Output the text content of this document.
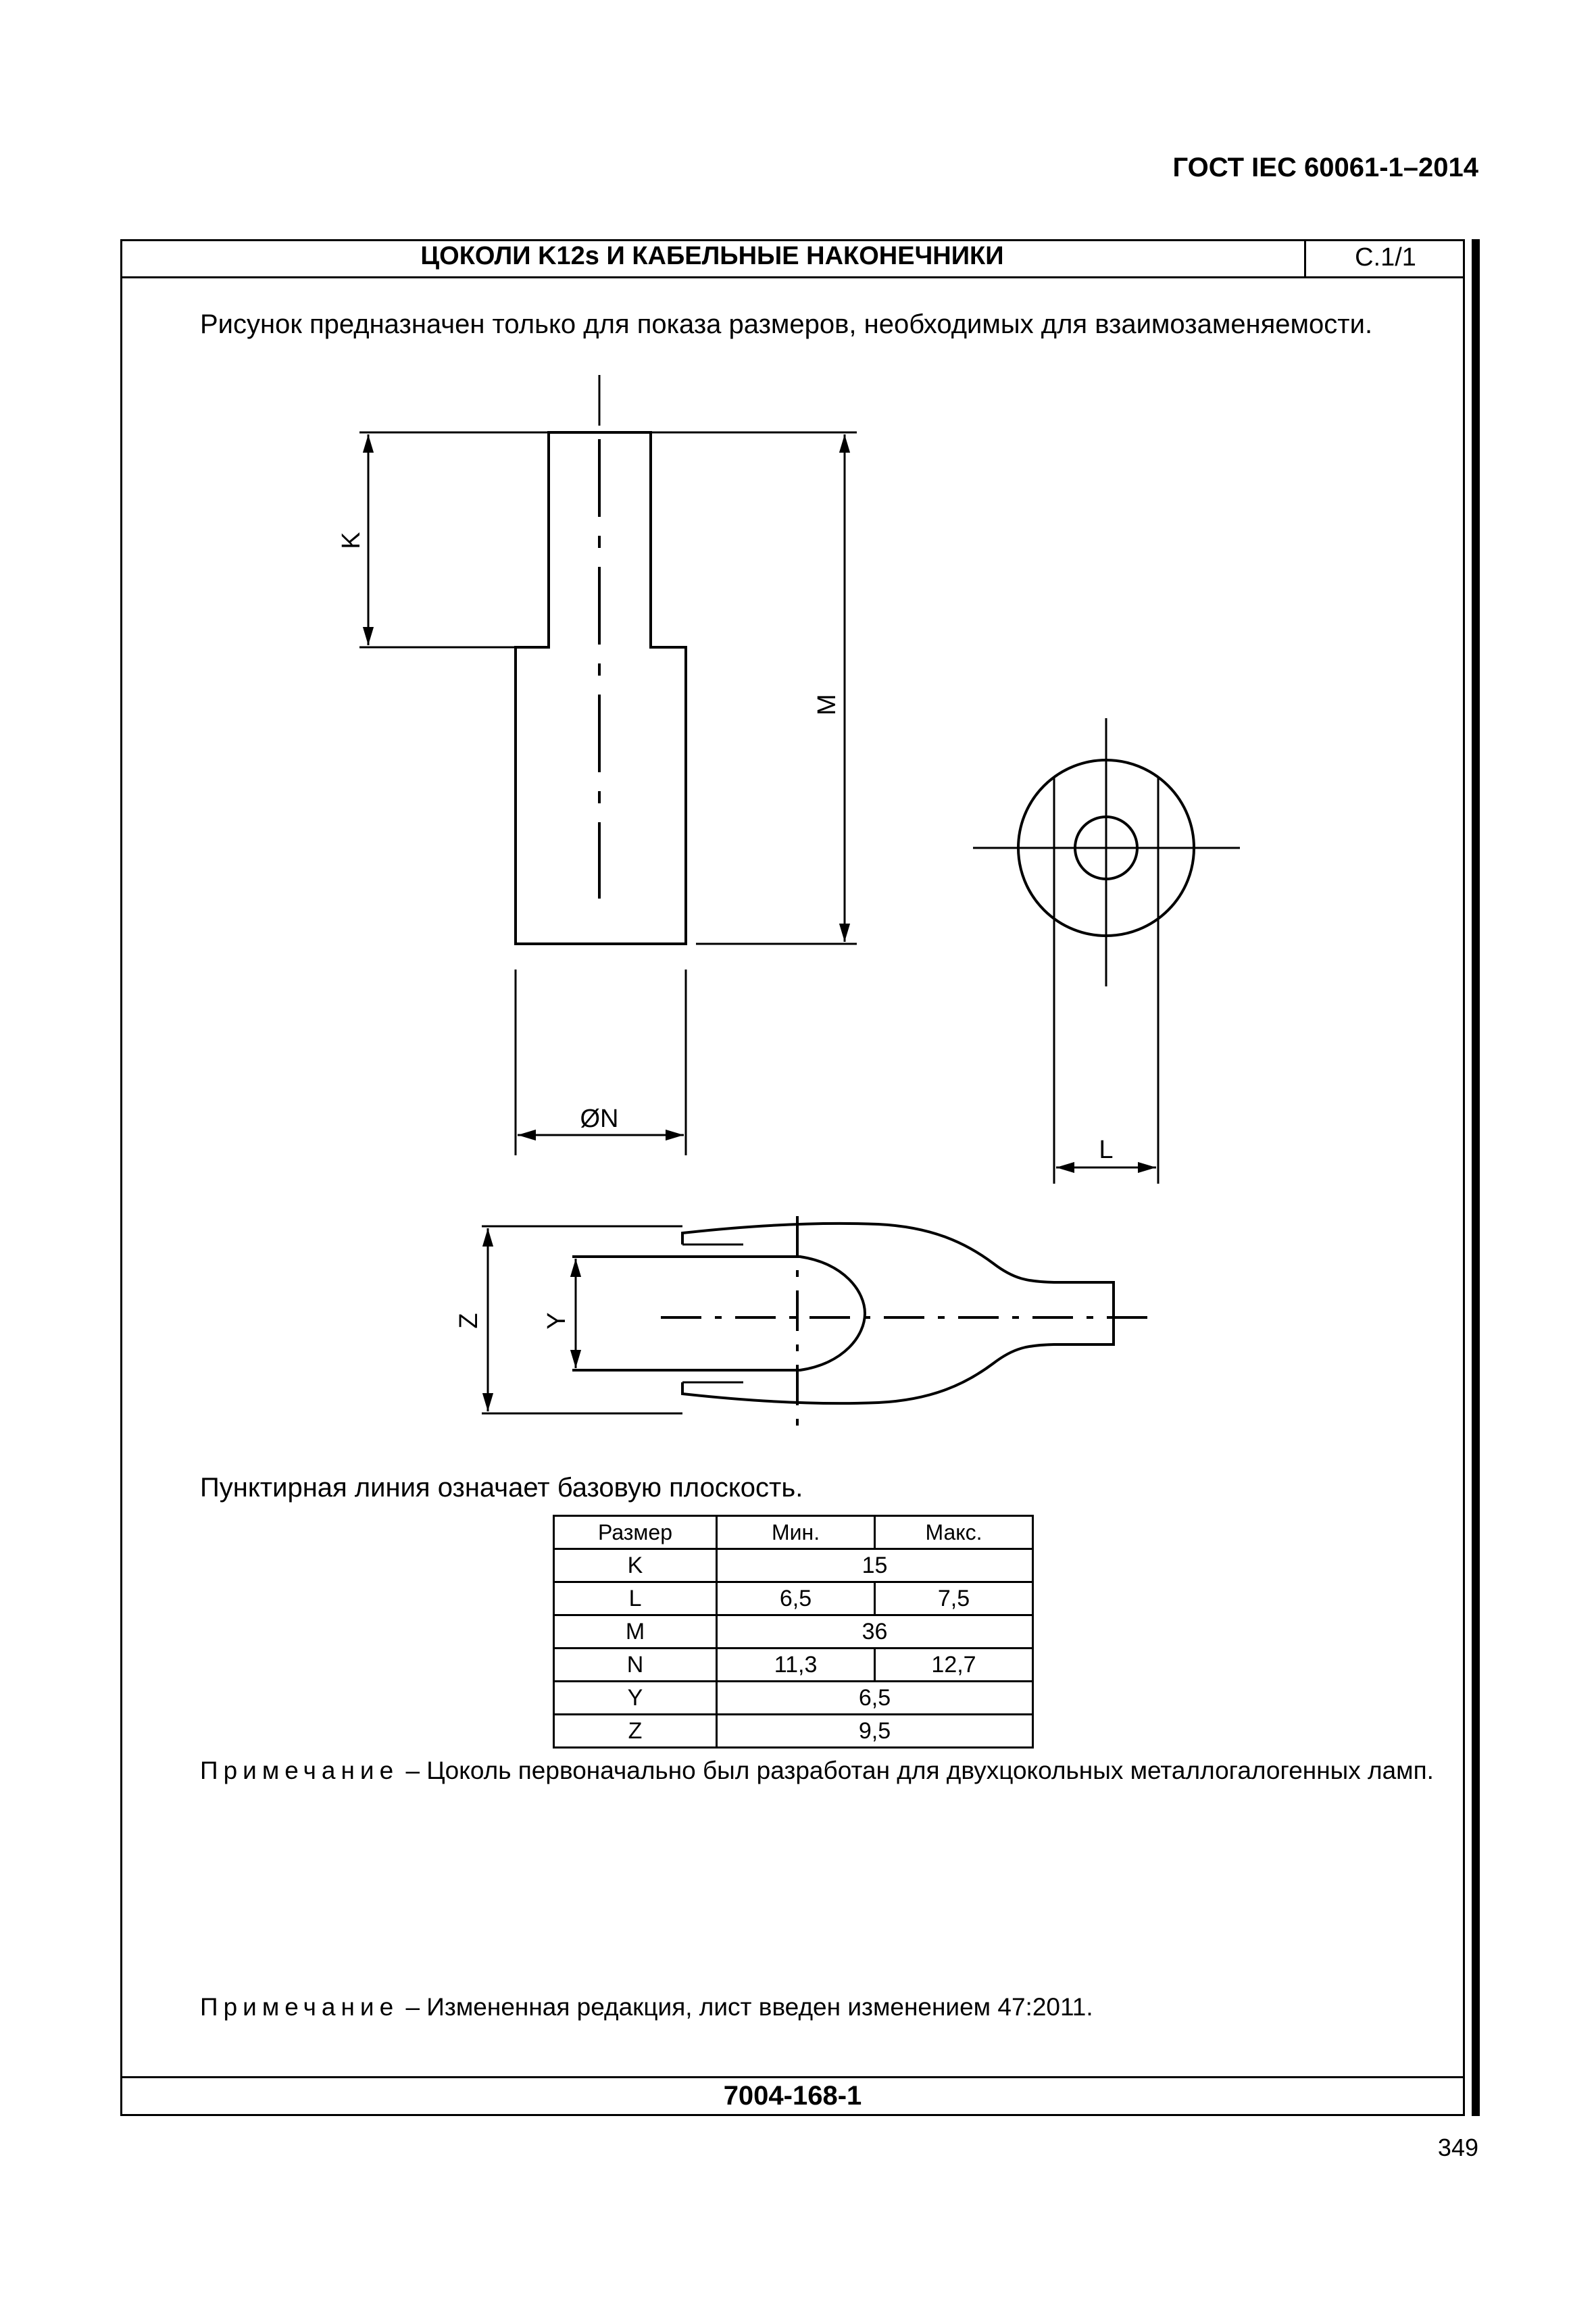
ГОСТ IEC 60061-1–2014
ЦОКОЛИ K12s И КАБЕЛЬНЫЕ НАКОНЕЧНИКИ	С.1/1
Рисунок предназначен только для показа размеров, необходимых для взаимозаменяемости.
K
M
ØN
L
Z Y
Пунктирная линия означает базовую плоскость.
Размер	Мин.	Макс.
K	15	
L	6,5	7,5
M	36	
N	11,3	12,7
Y	6,5	
Z	9,5	
Примечание – Цоколь первоначально был разработан для двухцокольных металлогалогенных ламп.
Примечание – Измененная редакция, лист введен изменением 47:2011.
7004-168-1
349
